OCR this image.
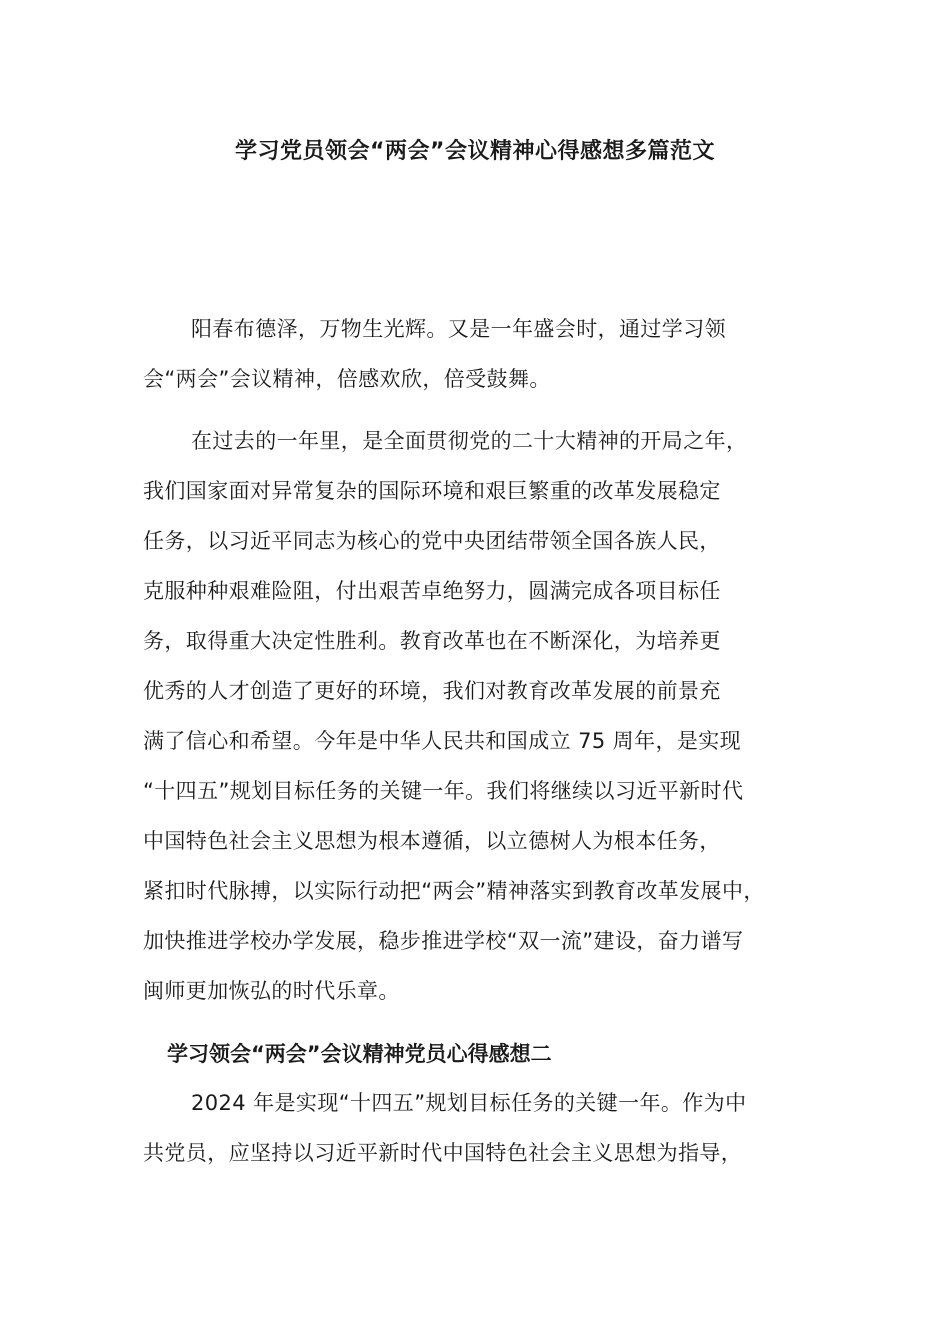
学习党员领会“两会”会议精神心得感想多篇范文
阳春布德泽，万物生光辉。又是一年盛会时，通过学习领
会“两会”会议精神，倍感欢欣，倍受鼓舞。
在过去的一年里，是全面贯彻党的二十大精神的开局之年，
我们国家面对异常复杂的国际环境和艰巨繁重的改革发展稳定
任务，以习近平同志为核心的党中央团结带领全国各族人民，
克服种种艰难险阻，付出艰苦卓绝努力，圆满完成各项目标任
务，取得重大决定性胜利。教育改革也在不断深化，为培养更
优秀的人才创造了更好的环境，我们对教育改革发展的前景充
满了信心和希望。今年是中华人民共和国成立 75 周年，是实现
“十四五”规划目标任务的关键一年。我们将继续以习近平新时代
中国特色社会主义思想为根本遵循，以立德树人为根本任务，
紧扣时代脉搏，以实际行动把“两会”精神落实到教育改革发展中，
加快推进学校办学发展，稳步推进学校“双一流”建设，奋力谱写
闽师更加恢弘的时代乐章。
学习领会“两会”会议精神党员心得感想二
2024 年是实现“十四五”规划目标任务的关键一年。作为中
共党员，应坚持以习近平新时代中国特色社会主义思想为指导，
